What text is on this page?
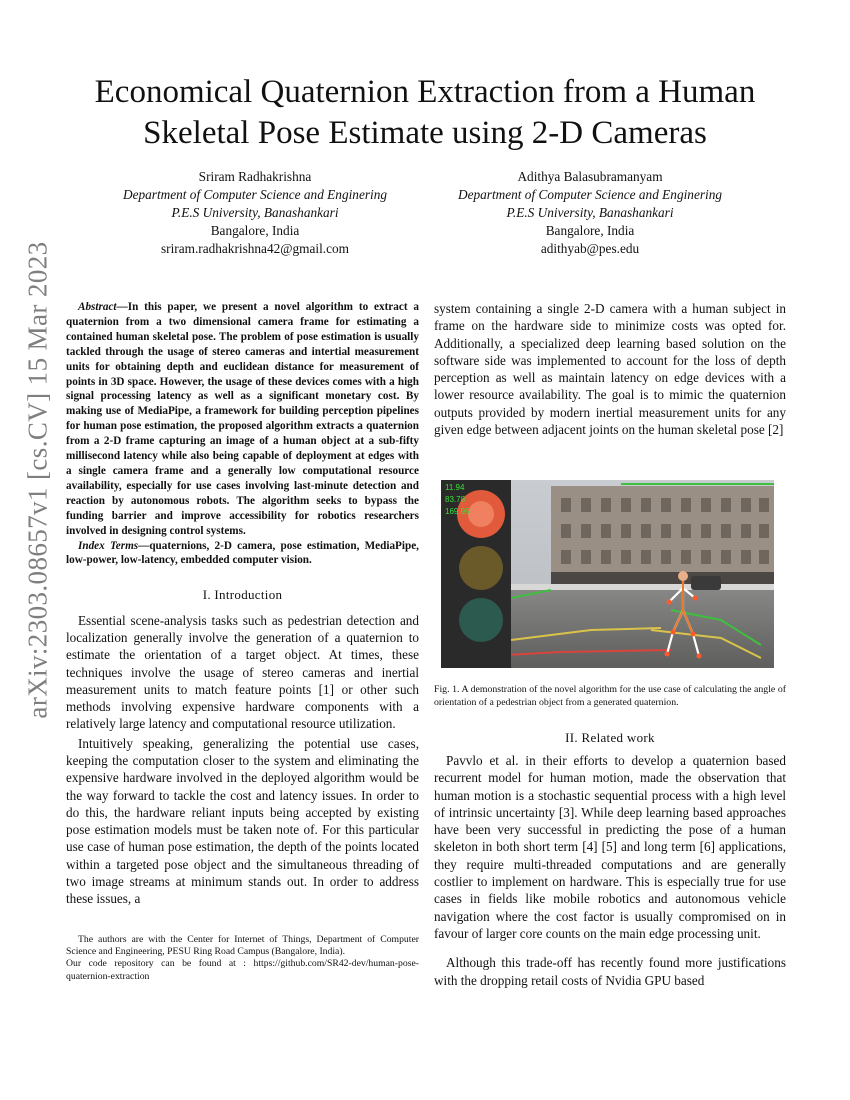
Economical Quaternion Extraction from a Human
Skeletal Pose Estimate using 2-D Cameras
Sriram Radhakrishna
Department of Computer Science and Enginering
P.E.S University, Banashankari
Bangalore, India
sriram.radhakrishna42@gmail.com
Adithya Balasubramanyam
Department of Computer Science and Enginering
P.E.S University, Banashankari
Bangalore, India
adithyab@pes.edu
arXiv:2303.08657v1 [cs.CV] 15 Mar 2023	Abstract—In this paper, we present a novel algorithm to extract a quaternion from a two dimensional camera frame for estimating a contained human skeletal pose. The problem of pose estimation is usually tackled through the usage of stereo cameras and intertial measurement units for obtaining depth and euclidean distance for measurement of points in 3D space. However, the usage of these devices comes with a high signal processing latency as well as a significant monetary cost. By making use of MediaPipe, a framework for building perception pipelines for human pose estimation, the proposed algorithm extracts a quaternion from a 2-D frame capturing an image of a human object at a sub-fifty millisecond latency while also being capable of deployment at edges with a single camera frame and a generally low computational resource availability, especially for use cases involving last-minute detection and reaction by autonomous robots. The algorithm seeks to bypass the funding barrier and improve accessibility for robotics researchers involved in designing control systems.

Index Terms—quaternions, 2-D camera, pose estimation, MediaPipe, low-power, low-latency, embedded computer vision.

I. Introduction

Essential scene-analysis tasks such as pedestrian detection and localization generally involve the generation of a quaternion to estimate the orientation of a target object. At times, these techniques involve the usage of stereo cameras and inertial measurement units to match feature points [1] or other such methods involving expensive hardware components with a relatively large latency and computational resource utilization.

Intuitively speaking, generalizing the potential use cases, keeping the computation closer to the system and eliminating the expensive hardware involved in the deployed algorithm would be the way forward to tackle the cost and latency issues. In order to do this, the hardware reliant inputs being accepted by existing pose estimation models must be taken note of. For this particular use case of human pose estimation, the depth of the points located within a targeted pose object and the simultaneous threading of two image streams at minimum stands out. In order to address these issues, a

The authors are with the Center for Internet of Things, Department of Computer Science and Engineering, PESU Ring Road Campus (Bangalore, India).

Our code repository can be found at : https://github.com/SR42-dev/human-pose-quaternion-extraction

system containing a single 2-D camera with a human subject in frame on the hardware side to minimize costs was opted for. Additionally, a specialized deep learning based solution on the software side was implemented to account for the loss of depth perception as well as maintain latency on edge devices with a lower resource availability. The goal is to mimic the quaternion outputs provided by modern inertial measurement units for any given edge between adjacent joints on the human skeletal pose [2]

11.94
83.78
169.95
Fig. 1. A demonstration of the novel algorithm for the use case of calculating the angle of orientation of a pedestrian object from a generated quaternion.
II. Related work

Pavvlo et al. in their efforts to develop a quaternion based recurrent model for human motion, made the observation that human motion is a stochastic sequential process with a high level of intrinsic uncertainty [3]. While deep learning based approaches have been very successful in predicting the pose of a human skeleton in both short term [4] [5] and long term [6] applications, they require multi-threaded computations and are generally costlier to implement on hardware. This is especially true for use cases in fields like mobile robotics and autonomous vehicle navigation where the cost factor is usually compromised on in favour of larger core counts on the main edge processing unit.

Although this trade-off has recently found more justifications with the dropping retail costs of Nvidia GPU based
